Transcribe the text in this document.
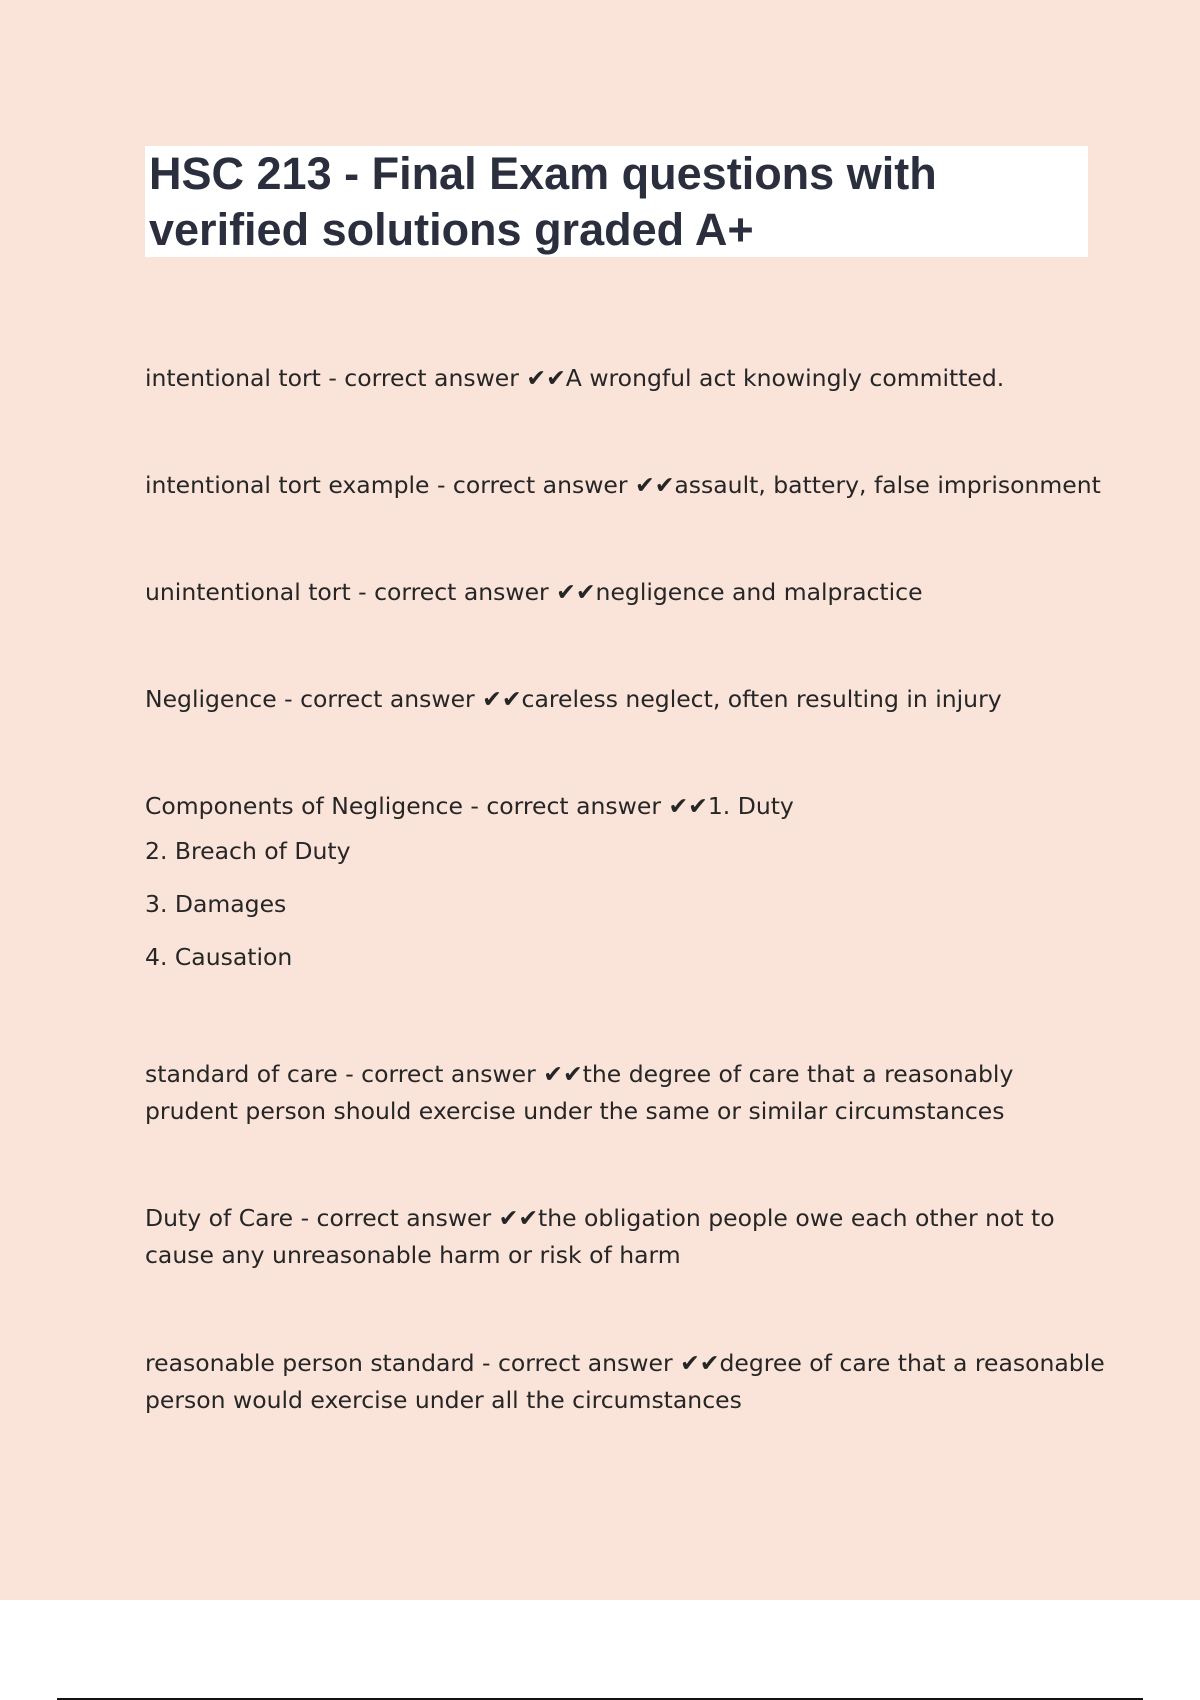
HSC 213 - Final Exam questions with verified solutions graded A+

intentional tort - correct answer ✔✔A wrongful act knowingly committed.

intentional tort example - correct answer ✔✔assault, battery, false imprisonment

unintentional tort - correct answer ✔✔negligence and malpractice

Negligence - correct answer ✔✔careless neglect, often resulting in injury

Components of Negligence - correct answer ✔✔1. Duty

2. Breach of Duty

3. Damages

4. Causation

standard of care - correct answer ✔✔the degree of care that a reasonably prudent person should exercise under the same or similar circumstances

Duty of Care - correct answer ✔✔the obligation people owe each other not to cause any unreasonable harm or risk of harm

reasonable person standard - correct answer ✔✔degree of care that a reasonable person would exercise under all the circumstances
